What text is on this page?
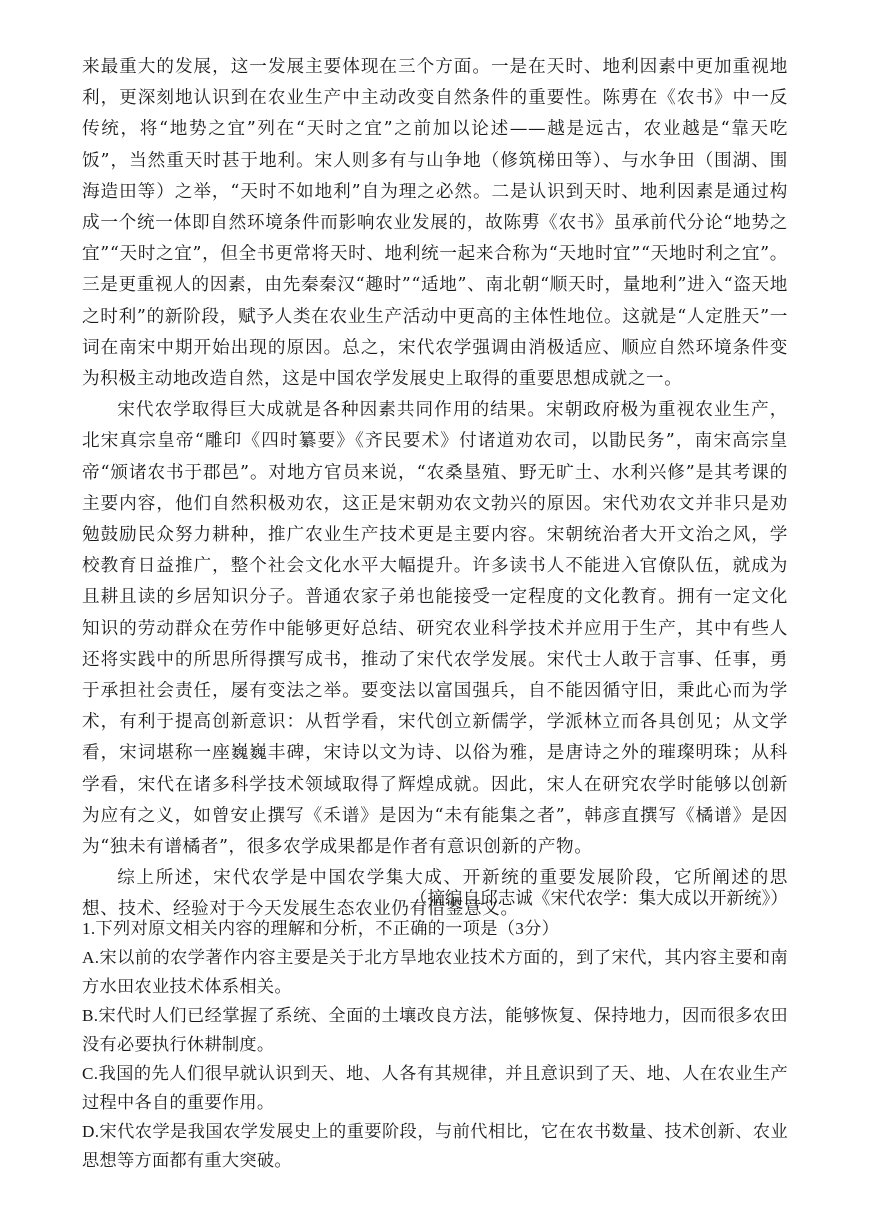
来最重大的发展，这一发展主要体现在三个方面。一是在天时、地利因素中更加重视地利，更深刻地认识到在农业生产中主动改变自然条件的重要性。陈旉在《农书》中一反传统，将“地势之宜”列在“天时之宜”之前加以论述——越是远古，农业越是“靠天吃饭”，当然重天时甚于地利。宋人则多有与山争地（修筑梯田等）、与水争田（围湖、围海造田等）之举，“天时不如地利”自为理之必然。二是认识到天时、地利因素是通过构成一个统一体即自然环境条件而影响农业发展的，故陈旉《农书》虽承前代分论“地势之宜”“天时之宜”，但全书更常将天时、地利统一起来合称为“天地时宜”“天地时利之宜”。三是更重视人的因素，由先秦秦汉“趣时”“适地”、南北朝“顺天时，量地利”进入“盗天地之时利”的新阶段，赋予人类在农业生产活动中更高的主体性地位。这就是“人定胜天”一词在南宋中期开始出现的原因。总之，宋代农学强调由消极适应、顺应自然环境条件变为积极主动地改造自然，这是中国农学发展史上取得的重要思想成就之一。

宋代农学取得巨大成就是各种因素共同作用的结果。宋朝政府极为重视农业生产，北宋真宗皇帝“雕印《四时纂要》《齐民要术》付诸道劝农司，以勖民务”，南宋高宗皇帝“颁诸农书于郡邑”。对地方官员来说，“农桑垦殖、野无旷土、水利兴修”是其考课的主要内容，他们自然积极劝农，这正是宋朝劝农文勃兴的原因。宋代劝农文并非只是劝勉鼓励民众努力耕种，推广农业生产技术更是主要内容。宋朝统治者大开文治之风，学校教育日益推广，整个社会文化水平大幅提升。许多读书人不能进入官僚队伍，就成为且耕且读的乡居知识分子。普通农家子弟也能接受一定程度的文化教育。拥有一定文化知识的劳动群众在劳作中能够更好总结、研究农业科学技术并应用于生产，其中有些人还将实践中的所思所得撰写成书，推动了宋代农学发展。宋代士人敢于言事、任事，勇于承担社会责任，屡有变法之举。要变法以富国强兵，自不能因循守旧，秉此心而为学术，有利于提高创新意识：从哲学看，宋代创立新儒学，学派林立而各具创见；从文学看，宋词堪称一座巍巍丰碑，宋诗以文为诗、以俗为雅，是唐诗之外的璀璨明珠；从科学看，宋代在诸多科学技术领域取得了辉煌成就。因此，宋人在研究农学时能够以创新为应有之义，如曾安止撰写《禾谱》是因为“未有能集之者”，韩彦直撰写《橘谱》是因为“独未有谱橘者”，很多农学成果都是作者有意识创新的产物。

综上所述，宋代农学是中国农学集大成、开新统的重要发展阶段，它所阐述的思想、技术、经验对于今天发展生态农业仍有借鉴意义。

（摘编自邱志诚《宋代农学：集大成以开新统》）

1.下列对原文相关内容的理解和分析，不正确的一项是（3分）

A.宋以前的农学著作内容主要是关于北方旱地农业技术方面的，到了宋代，其内容主要和南方水田农业技术体系相关。

B.宋代时人们已经掌握了系统、全面的土壤改良方法，能够恢复、保持地力，因而很多农田没有必要执行休耕制度。

C.我国的先人们很早就认识到天、地、人各有其规律，并且意识到了天、地、人在农业生产过程中各自的重要作用。

D.宋代农学是我国农学发展史上的重要阶段，与前代相比，它在农书数量、技术创新、农业思想等方面都有重大突破。
